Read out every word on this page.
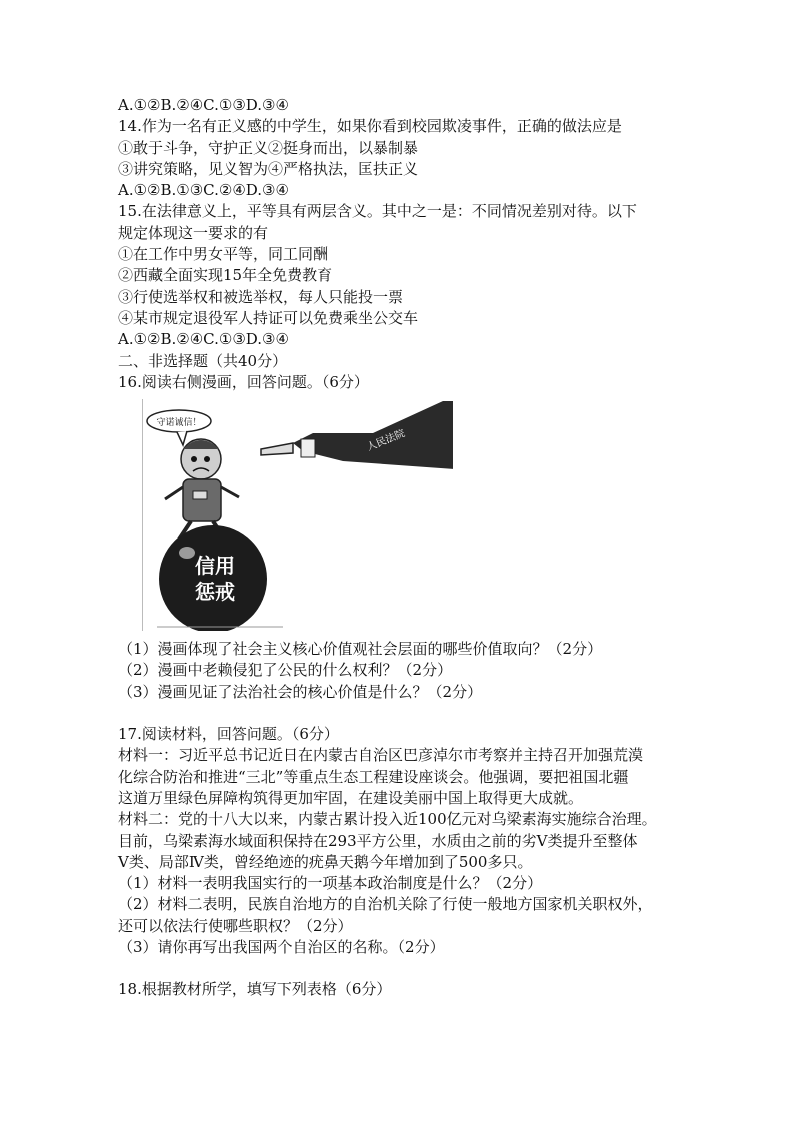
A.①②B.②④C.①③D.③④
14.作为一名有正义感的中学生，如果你看到校园欺凌事件，正确的做法应是
①敢于斗争，守护正义②挺身而出，以暴制暴
③讲究策略，见义智为④严格执法，匡扶正义
A.①②B.①③C.②④D.③④
15.在法律意义上，平等具有两层含义。其中之一是：不同情况差别对待。以下
规定体现这一要求的有
①在工作中男女平等，同工同酬
②西藏全面实现15年全免费教育
③行使选举权和被选举权，每人只能投一票
④某市规定退役军人持证可以免费乘坐公交车
A.①②B.②④C.①③D.③④
二、非选择题（共40分）
16.阅读右侧漫画，回答问题。（6分）
守诺诚信！
人民法院
信用
惩戒
（1）漫画体现了社会主义核心价值观社会层面的哪些价值取向？（2分）
（2）漫画中老赖侵犯了公民的什么权利？（2分）
（3）漫画见证了法治社会的核心价值是什么？（2分）
17.阅读材料，回答问题。（6分）
材料一：习近平总书记近日在内蒙古自治区巴彦淖尔市考察并主持召开加强荒漠
化综合防治和推进“三北”等重点生态工程建设座谈会。他强调，要把祖国北疆
这道万里绿色屏障构筑得更加牢固，在建设美丽中国上取得更大成就。
材料二：党的十八大以来，内蒙古累计投入近100亿元对乌梁素海实施综合治理。
目前，乌梁素海水域面积保持在293平方公里，水质由之前的劣V类提升至整体
V类、局部Ⅳ类，曾经绝迹的疣鼻天鹅今年增加到了500多只。
（1）材料一表明我国实行的一项基本政治制度是什么？（2分）
（2）材料二表明，民族自治地方的自治机关除了行使一般地方国家机关职权外，
还可以依法行使哪些职权？（2分）
（3）请你再写出我国两个自治区的名称。（2分）
18.根据教材所学，填写下列表格（6分）
